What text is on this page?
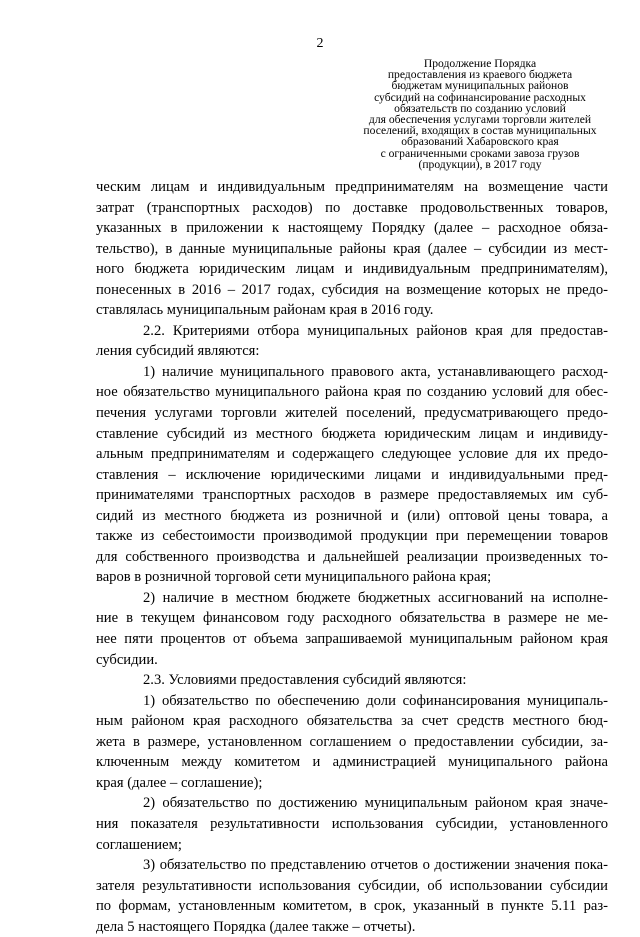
2
Продолжение Порядка
предоставления из краевого бюджета
бюджетам муниципальных районов
субсидий на софинансирование расходных
обязательств по созданию условий
для обеспечения услугами торговли жителей
поселений, входящих в состав муниципальных
образований Хабаровского края
с ограниченными сроками завоза грузов
(продукции), в 2017 году
ческим лицам и индивидуальным предпринимателям на возмещение части
затрат (транспортных расходов) по доставке продовольственных товаров,
указанных в приложении к настоящему Порядку (далее – расходное обяза-
тельство), в данные муниципальные районы края (далее – субсидии из мест-
ного бюджета юридическим лицам и индивидуальным предпринимателям),
понесенных в 2016 – 2017 годах, субсидия на возмещение которых не предо-
ставлялась муниципальным районам края в 2016 году.
2.2. Критериями отбора муниципальных районов края для предостав-
ления субсидий являются:
1) наличие муниципального правового акта, устанавливающего расход-
ное обязательство муниципального района края по созданию условий для обес-
печения услугами торговли жителей поселений, предусматривающего предо-
ставление субсидий из местного бюджета юридическим лицам и индивиду-
альным предпринимателям и содержащего следующее условие для их предо-
ставления – исключение юридическими лицами и индивидуальными пред-
принимателями транспортных расходов в размере предоставляемых им суб-
сидий из местного бюджета из розничной и (или) оптовой цены товара, а
также из себестоимости производимой продукции при перемещении товаров
для собственного производства и дальнейшей реализации произведенных то-
варов в розничной торговой сети муниципального района края;
2) наличие в местном бюджете бюджетных ассигнований на исполне-
ние в текущем финансовом году расходного обязательства в размере не ме-
нее пяти процентов от объема запрашиваемой муниципальным районом края
субсидии.
2.3. Условиями предоставления субсидий являются:
1) обязательство по обеспечению доли софинансирования муниципаль-
ным районом края расходного обязательства за счет средств местного бюд-
жета в размере, установленном соглашением о предоставлении субсидии, за-
ключенным между комитетом и администрацией муниципального района
края (далее – соглашение);
2) обязательство по достижению муниципальным районом края значе-
ния показателя результативности использования субсидии, установленного
соглашением;
3) обязательство по представлению отчетов о достижении значения пока-
зателя результативности использования субсидии, об использовании субсидии
по формам, установленным комитетом, в срок, указанный в пункте 5.11 раз-
дела 5 настоящего Порядка (далее также – отчеты).
